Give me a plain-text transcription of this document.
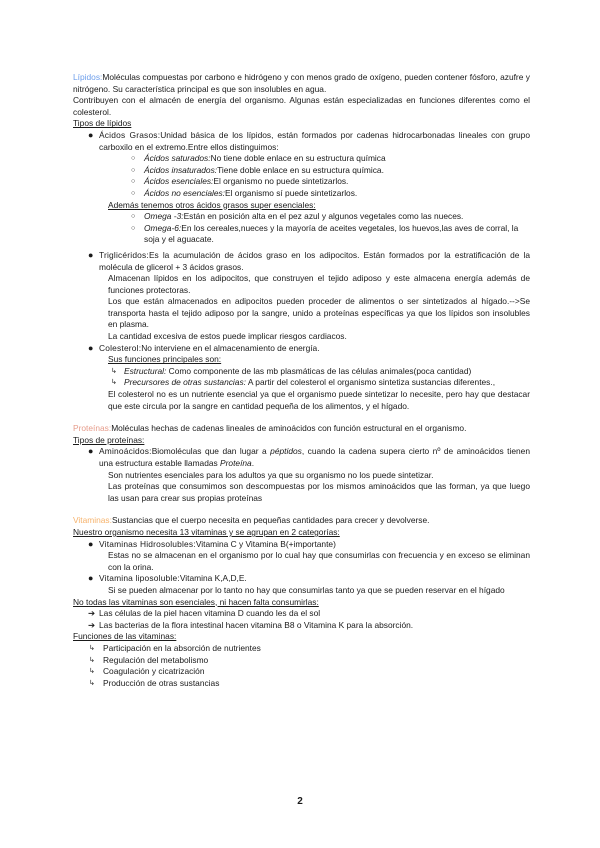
Lípidos:Moléculas compuestas por carbono e hidrógeno y con menos grado de oxígeno, pueden contener fósforo, azufre y nitrógeno. Su característica principal es que son insolubles en agua.

Contribuyen con el almacén de energía del organismo. Algunas están especializadas en funciones diferentes como el colesterol.

Tipos de lípidos

● Ácidos Grasos:Unidad básica de los lípidos, están formados por cadenas hidrocarbonadas lineales con grupo carboxilo en el extremo.Entre ellos distinguimos:
○	Ácidos saturados:No tiene doble enlace en su estructura química
○	Ácidos insaturados:Tiene doble enlace en su estructura química.
○	Ácidos esenciales:El organismo no puede sintetizarlos.
○	Ácidos no esenciales:El organismo sí puede sintetizarlos.

Además tenemos otros ácidos grasos super esenciales:

○	Omega -3:Están en posición alta en el pez azul y algunos vegetales como las nueces.
○	Omega-6:En los cereales,nueces y la mayoría de aceites vegetales, los huevos,las aves de corral, la soja y el aguacate.
● Triglicéridos:Es la acumulación de ácidos graso en los adipocitos. Están formados por la estratificación de la molécula de glicerol + 3 ácidos grasos.

Almacenan lípidos en los adipocitos, que construyen el tejido adiposo y este almacena energía además de funciones protectoras.

Los que están almacenados en adipocitos pueden proceder de alimentos o ser sintetizados al hígado.-->Se transporta hasta el tejido adiposo por la sangre, unido a proteínas específicas ya que los lípidos son insolubles en plasma.

La cantidad excesiva de estos puede implicar riesgos cardiacos.

● Colesterol:No interviene en el almacenamiento de energía.

Sus funciones principales son:

↳ Estructural: Como componente de las mb plasmáticas de las células animales(poca cantidad)
↳ Precursores de otras sustancias: A partir del colesterol el organismo sintetiza sustancias diferentes.,

El colesterol no es un nutriente esencial ya que el organismo puede sintetizar lo necesite, pero hay que destacar que este circula por la sangre en cantidad pequeña de los alimentos, y el hígado.

Proteínas:Moléculas hechas de cadenas lineales de aminoácidos con función estructural en el organismo.

Tipos de proteínas:

● Aminoácidos:Biomoléculas que dan lugar a péptidos, cuando la cadena supera cierto nº de aminoácidos tienen una estructura estable llamadas Proteína.

Son nutrientes esenciales para los adultos ya que su organismo no los puede sintetizar.

Las proteínas que consumimos son descompuestas por los mismos aminoácidos que las forman, ya que luego las usan para crear sus propias proteínas

Vitaminas:Sustancias que el cuerpo necesita en pequeñas cantidades para crecer y devolverse.

Nuestro organismo necesita 13 vitaminas y se agrupan en 2 categorías:

● Vitaminas Hidrosolubles:Vitamina C y Vitamina B(+importante)

Estas no se almacenan en el organismo por lo cual hay que consumirlas con frecuencia y en exceso se eliminan con la orina.

● Vitamina liposoluble:Vitamina K,A,D,E.

Si se pueden almacenar por lo tanto no hay que consumirlas tanto ya que se pueden reservar en el hígado

No todas las vitaminas son esenciales, ni hacen falta consumirlas:

➔ Las células de la piel hacen vitamina D cuando les da el sol
➔ Las bacterias de la flora intestinal hacen vitamina B8 o Vitamina K para la absorción.

Funciones de las vitaminas:

↳ Participación en la absorción de nutrientes
↳ Regulación del metabolismo
↳ Coagulación y cicatrización
↳ Producción de otras sustancias
2
